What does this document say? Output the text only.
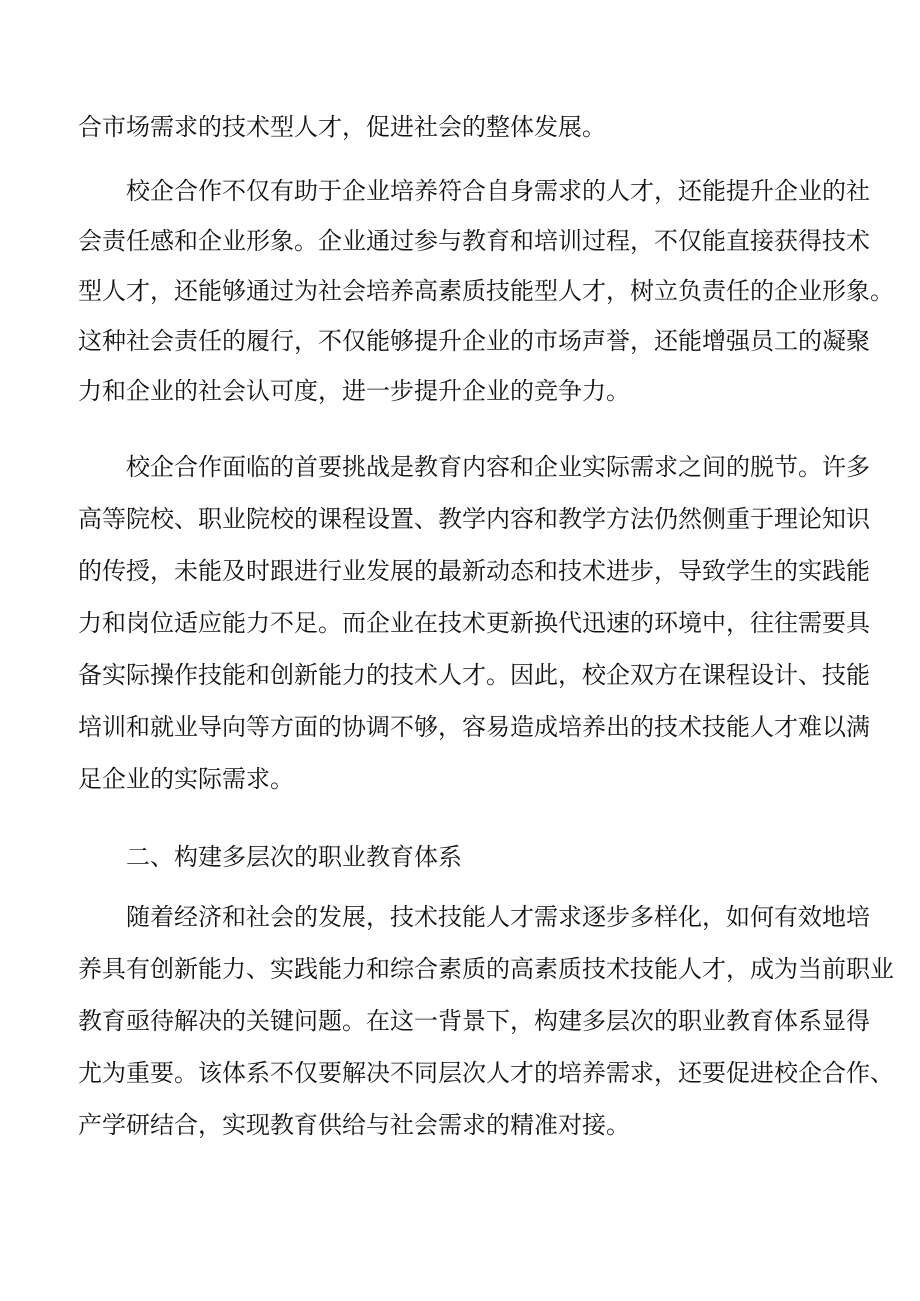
合市场需求的技术型人才，促进社会的整体发展。

校企合作不仅有助于企业培养符合自身需求的人才，还能提升企业的社

会责任感和企业形象。企业通过参与教育和培训过程，不仅能直接获得技术

型人才，还能够通过为社会培养高素质技能型人才，树立负责任的企业形象。

这种社会责任的履行，不仅能够提升企业的市场声誉，还能增强员工的凝聚

力和企业的社会认可度，进一步提升企业的竞争力。

校企合作面临的首要挑战是教育内容和企业实际需求之间的脱节。许多

高等院校、职业院校的课程设置、教学内容和教学方法仍然侧重于理论知识

的传授，未能及时跟进行业发展的最新动态和技术进步，导致学生的实践能

力和岗位适应能力不足。而企业在技术更新换代迅速的环境中，往往需要具

备实际操作技能和创新能力的技术人才。因此，校企双方在课程设计、技能

培训和就业导向等方面的协调不够，容易造成培养出的技术技能人才难以满

足企业的实际需求。

二、构建多层次的职业教育体系

随着经济和社会的发展，技术技能人才需求逐步多样化，如何有效地培

养具有创新能力、实践能力和综合素质的高素质技术技能人才，成为当前职业

教育亟待解决的关键问题。在这一背景下，构建多层次的职业教育体系显得

尤为重要。该体系不仅要解决不同层次人才的培养需求，还要促进校企合作、

产学研结合，实现教育供给与社会需求的精准对接。
